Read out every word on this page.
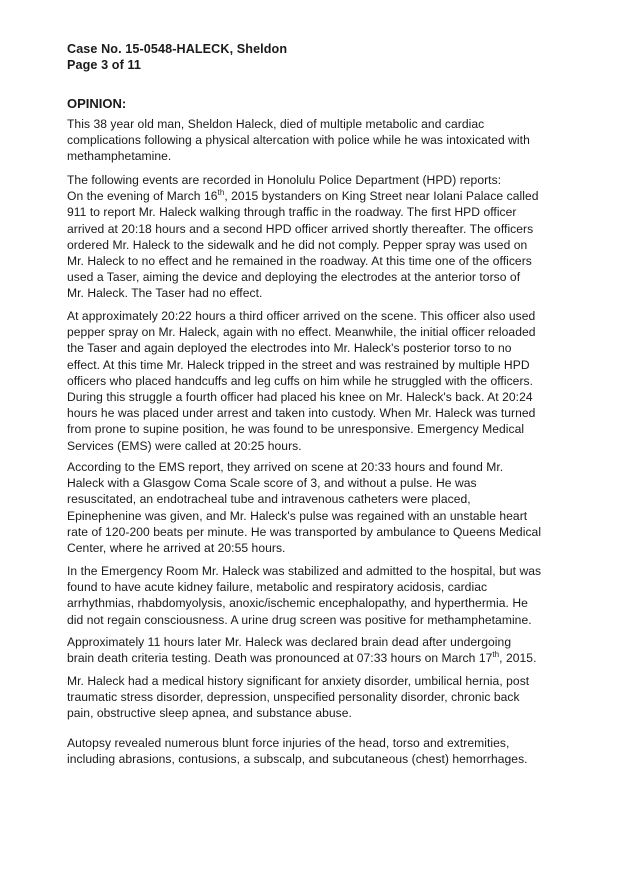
Case No. 15-0548-HALECK, Sheldon
Page 3 of 11
OPINION:
This 38 year old man, Sheldon Haleck, died of multiple metabolic and cardiac
complications following a physical altercation with police while he was intoxicated with
methamphetamine.
The following events are recorded in Honolulu Police Department (HPD) reports:
On the evening of March 16th, 2015 bystanders on King Street near Iolani Palace called
911 to report Mr. Haleck walking through traffic in the roadway. The first HPD officer
arrived at 20:18 hours and a second HPD officer arrived shortly thereafter. The officers
ordered Mr. Haleck to the sidewalk and he did not comply. Pepper spray was used on
Mr. Haleck to no effect and he remained in the roadway. At this time one of the officers
used a Taser, aiming the device and deploying the electrodes at the anterior torso of
Mr. Haleck. The Taser had no effect.
At approximately 20:22 hours a third officer arrived on the scene. This officer also used
pepper spray on Mr. Haleck, again with no effect. Meanwhile, the initial officer reloaded
the Taser and again deployed the electrodes into Mr. Haleck's posterior torso to no
effect. At this time Mr. Haleck tripped in the street and was restrained by multiple HPD
officers who placed handcuffs and leg cuffs on him while he struggled with the officers.
During this struggle a fourth officer had placed his knee on Mr. Haleck's back. At 20:24
hours he was placed under arrest and taken into custody. When Mr. Haleck was turned
from prone to supine position, he was found to be unresponsive. Emergency Medical
Services (EMS) were called at 20:25 hours.
According to the EMS report, they arrived on scene at 20:33 hours and found Mr.
Haleck with a Glasgow Coma Scale score of 3, and without a pulse. He was
resuscitated, an endotracheal tube and intravenous catheters were placed,
Epinephenine was given, and Mr. Haleck's pulse was regained with an unstable heart
rate of 120-200 beats per minute. He was transported by ambulance to Queens Medical
Center, where he arrived at 20:55 hours.
In the Emergency Room Mr. Haleck was stabilized and admitted to the hospital, but was
found to have acute kidney failure, metabolic and respiratory acidosis, cardiac
arrhythmias, rhabdomyolysis, anoxic/ischemic encephalopathy, and hyperthermia. He
did not regain consciousness. A urine drug screen was positive for methamphetamine.
Approximately 11 hours later Mr. Haleck was declared brain dead after undergoing
brain death criteria testing. Death was pronounced at 07:33 hours on March 17th, 2015.
Mr. Haleck had a medical history significant for anxiety disorder, umbilical hernia, post
traumatic stress disorder, depression, unspecified personality disorder, chronic back
pain, obstructive sleep apnea, and substance abuse.
Autopsy revealed numerous blunt force injuries of the head, torso and extremities,
including abrasions, contusions, a subscalp, and subcutaneous (chest) hemorrhages.
